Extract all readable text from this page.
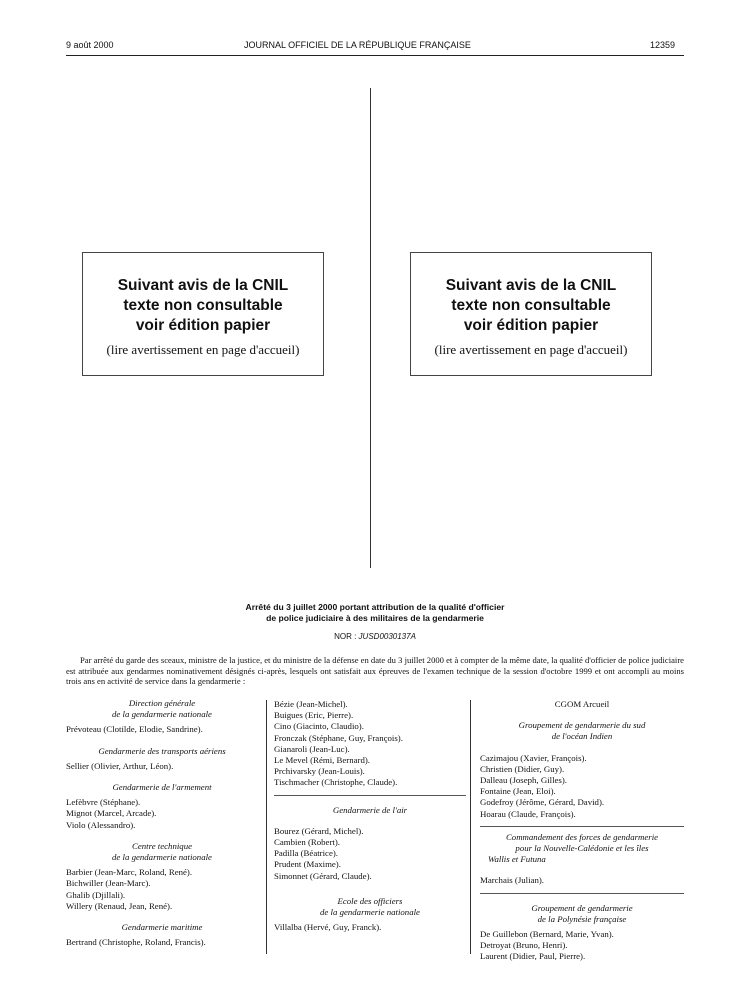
9 août 2000	JOURNAL OFFICIEL DE LA RÉPUBLIQUE FRANÇAISE	12359
Suivant avis de la CNIL
texte non consultable
voir édition papier
(lire avertissement en page d'accueil)
Suivant avis de la CNIL
texte non consultable
voir édition papier
(lire avertissement en page d'accueil)
Arrêté du 3 juillet 2000 portant attribution de la qualité d'officier
de police judiciaire à des militaires de la gendarmerie
NOR : JUSD0030137A

Par arrêté du garde des sceaux, ministre de la justice, et du ministre de la défense en date du 3 juillet 2000 et à compter de la même date, la qualité d'officier de police judiciaire est attribuée aux gendarmes nominativement désignés ci-après, lesquels ont satisfait aux épreuves de l'examen technique de la session d'octobre 1999 et ont accompli au moins trois ans en activité de service dans la gendarmerie :

Direction générale

de la gendarmerie nationale

Prévoteau (Clotilde, Elodie, Sandrine).

Gendarmerie des transports aériens

Sellier (Olivier, Arthur, Léon).

Gendarmerie de l'armement

Lefèbvre (Stéphane).

Mignot (Marcel, Arcade).

Violo (Alessandro).

Centre technique

de la gendarmerie nationale

Barbier (Jean-Marc, Roland, René).

Bichwiller (Jean-Marc).

Ghalib (Djillali).

Willery (Renaud, Jean, René).

Gendarmerie maritime

Bertrand (Christophe, Roland, Francis).

Bézie (Jean-Michel).

Buigues (Eric, Pierre).

Cino (Giacinto, Claudio).

Fronczak (Stéphane, Guy, François).

Gianaroli (Jean-Luc).

Le Mevel (Rémi, Bernard).

Prchivarsky (Jean-Louis).

Tischmacher (Christophe, Claude).

Gendarmerie de l'air

Bourez (Gérard, Michel).

Cambien (Robert).

Padilla (Béatrice).

Prudent (Maxime).

Simonnet (Gérard, Claude).

Ecole des officiers

de la gendarmerie nationale

Villalba (Hervé, Guy, Franck).

CGOM Arcueil

Groupement de gendarmerie du sud

de l'océan Indien

Cazimajou (Xavier, François).

Christien (Didier, Guy).

Dalleau (Joseph, Gilles).

Fontaine (Jean, Eloi).

Godefroy (Jérôme, Gérard, David).

Hoarau (Claude, François).

Commandement des forces de gendarmerie

pour la Nouvelle-Calédonie et les îles

Wallis et Futuna

Marchais (Julian).

Groupement de gendarmerie

de la Polynésie française

De Guillebon (Bernard, Marie, Yvan).

Detroyat (Bruno, Henri).

Laurent (Didier, Paul, Pierre).
